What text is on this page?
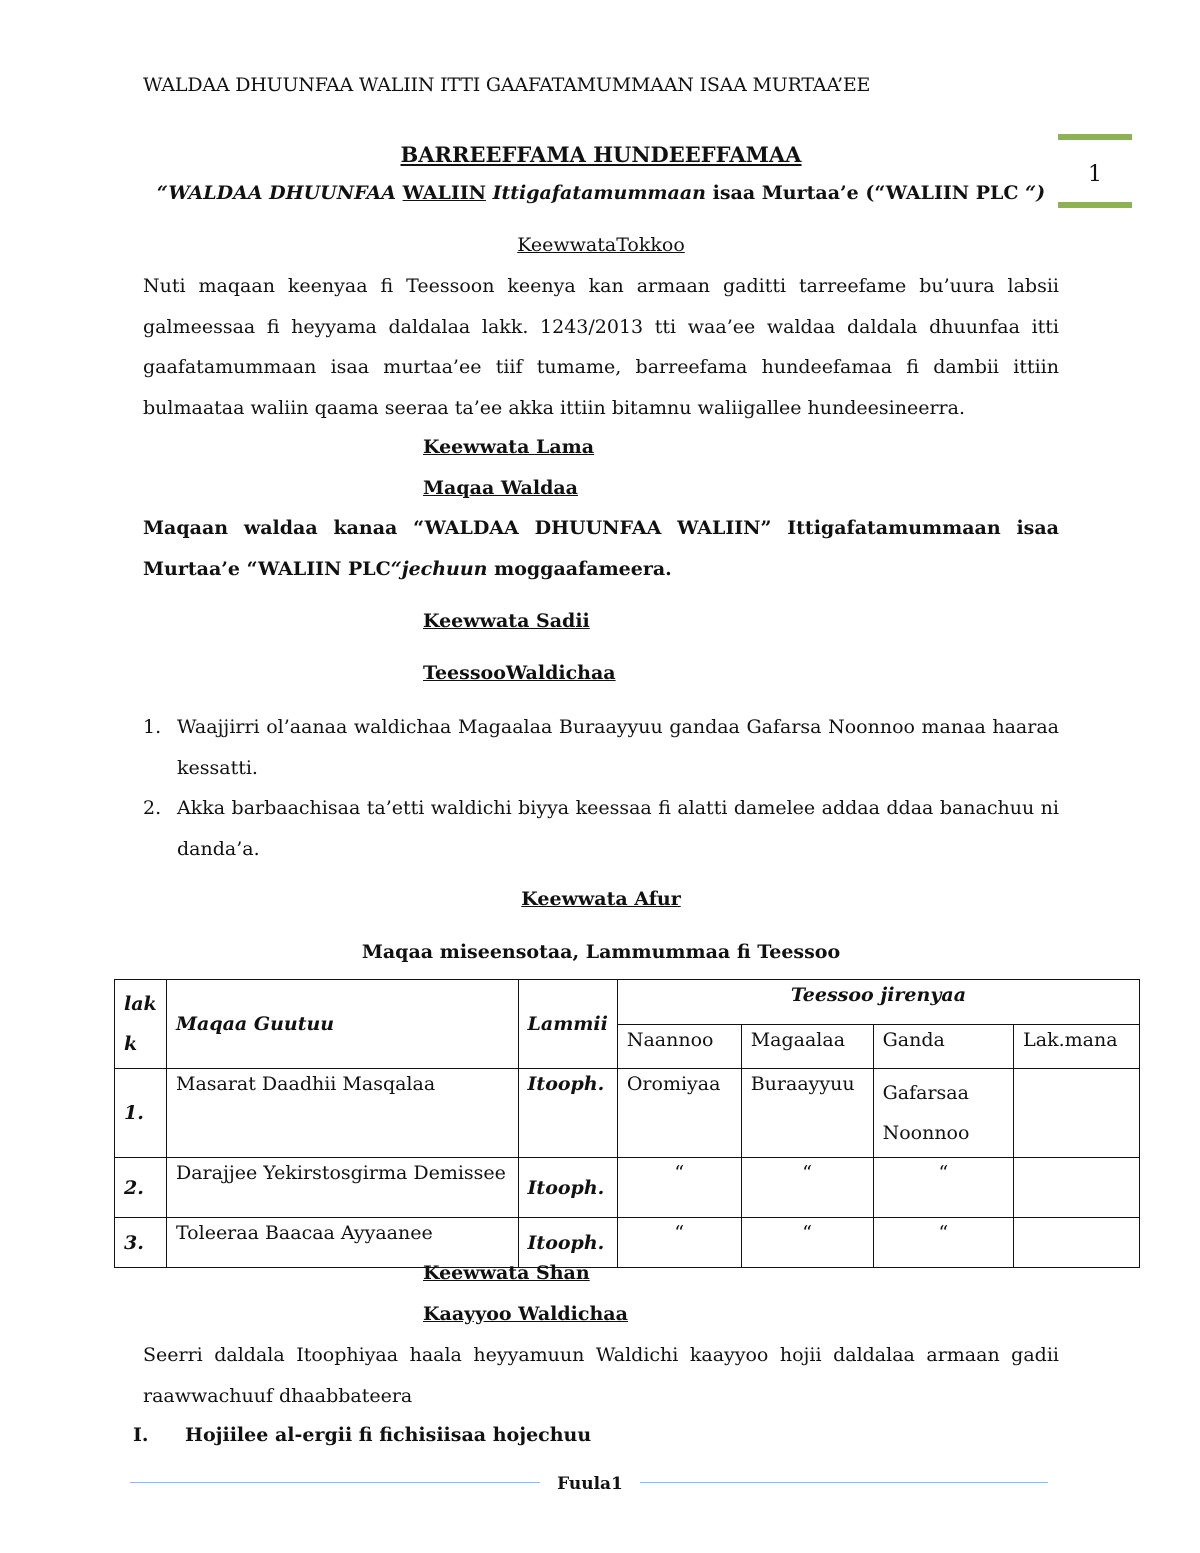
WALDAA DHUUNFAA WALIIN ITTI GAAFATAMUMMAAN ISAA MURTAA’EE
1
BARREEFFAMA HUNDEEFFAMAA
“WALDAA DHUUNFAA WALIIN Ittigafatamummaan isaa Murtaa’e (“WALIIN PLC “)
KeewwataTokkoo
Nuti maqaan keenyaa fi Teessoon keenya kan armaan gaditti tarreefame bu’uura labsii
galmeessaa fi heyyama daldalaa lakk. 1243/2013 tti waa’ee waldaa daldala dhuunfaa itti
gaafatamummaan isaa murtaa’ee tiif tumame, barreefama hundeefamaa fi dambii ittiin
bulmaataa waliin qaama seeraa ta’ee akka ittiin bitamnu waliigallee hundeesineerra.
Keewwata Lama
Maqaa Waldaa
Maqaan waldaa kanaa “WALDAA DHUUNFAA WALIIN” Ittigafatamummaan isaa
Murtaa’e “WALIIN PLC“jechuun moggaafameera.
Keewwata Sadii
TeessooWaldichaa
1. Waajjirri ol’aanaa waldichaa Magaalaa Buraayyuu gandaa Gafarsa Noonnoo manaa haaraa kessatti.
2. Akka barbaachisaa ta’etti waldichi biyya keessaa fi alatti damelee addaa ddaa banachuu ni danda’a.
Keewwata Afur
Maqaa miseensotaa, Lammummaa fi Teessoo
lak k	Maqaa Guutuu	Lammii	Teessoo jirenyaa			
			Naannoo	Magaalaa	Ganda	Lak.mana
1.	Masarat Daadhii Masqalaa	Itooph.	Oromiyaa	Buraayyuu	Gafarsaa Noonnoo	
2.	Darajjee Yekirstosgirma Demissee	Itooph.	“	“	“	
3.	Toleeraa Baacaa Ayyaanee	Itooph.	“	“	“	
Keewwata Shan
Kaayyoo Waldichaa
Seerri daldala Itoophiyaa haala heyyamuun Waldichi kaayyoo hojii daldalaa armaan gadii
raawwachuuf dhaabbateera
I. Hojiilee al-ergii fi fichisiisaa hojechuu
Fuula1
